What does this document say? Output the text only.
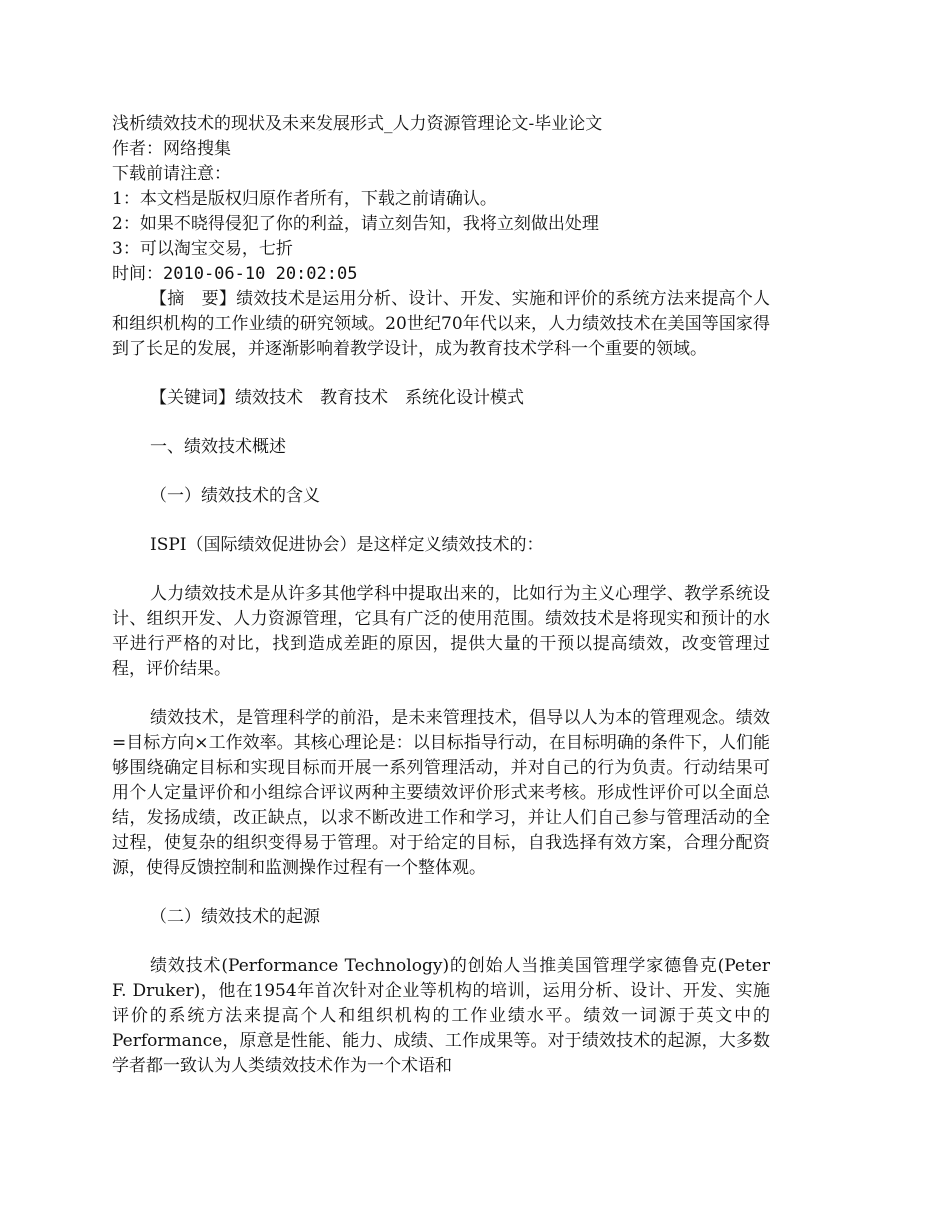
浅析绩效技术的现状及未来发展形式_人力资源管理论文-毕业论文
作者：网络搜集
下载前请注意：
1：本文档是版权归原作者所有，下载之前请确认。
2：如果不晓得侵犯了你的利益，请立刻告知，我将立刻做出处理
3：可以淘宝交易，七折
时间：2010-06-10 20:02:05

【摘　要】绩效技术是运用分析、设计、开发、实施和评价的系统方法来提高个人和组织机构的工作业绩的研究领域。20世纪70年代以来，人力绩效技术在美国等国家得到了长足的发展，并逐渐影响着教学设计，成为教育技术学科一个重要的领域。

【关键词】绩效技术　教育技术　系统化设计模式

一、绩效技术概述

（一）绩效技术的含义

ISPI（国际绩效促进协会）是这样定义绩效技术的：

人力绩效技术是从许多其他学科中提取出来的，比如行为主义心理学、教学系统设计、组织开发、人力资源管理，它具有广泛的使用范围。绩效技术是将现实和预计的水平进行严格的对比，找到造成差距的原因，提供大量的干预以提高绩效，改变管理过程，评价结果。

绩效技术，是管理科学的前沿，是未来管理技术，倡导以人为本的管理观念。绩效=目标方向×工作效率。其核心理论是：以目标指导行动，在目标明确的条件下，人们能够围绕确定目标和实现目标而开展一系列管理活动，并对自己的行为负责。行动结果可用个人定量评价和小组综合评议两种主要绩效评价形式来考核。形成性评价可以全面总结，发扬成绩，改正缺点，以求不断改进工作和学习，并让人们自己参与管理活动的全过程，使复杂的组织变得易于管理。对于给定的目标，自我选择有效方案，合理分配资源，使得反馈控制和监测操作过程有一个整体观。

（二）绩效技术的起源

绩效技术(Performance Technology)的创始人当推美国管理学家德鲁克(Peter F. Druker)，他在1954年首次针对企业等机构的培训，运用分析、设计、开发、实施评价的系统方法来提高个人和组织机构的工作业绩水平。绩效一词源于英文中的Performance，原意是性能、能力、成绩、工作成果等。对于绩效技术的起源，大多数学者都一致认为人类绩效技术作为一个术语和
